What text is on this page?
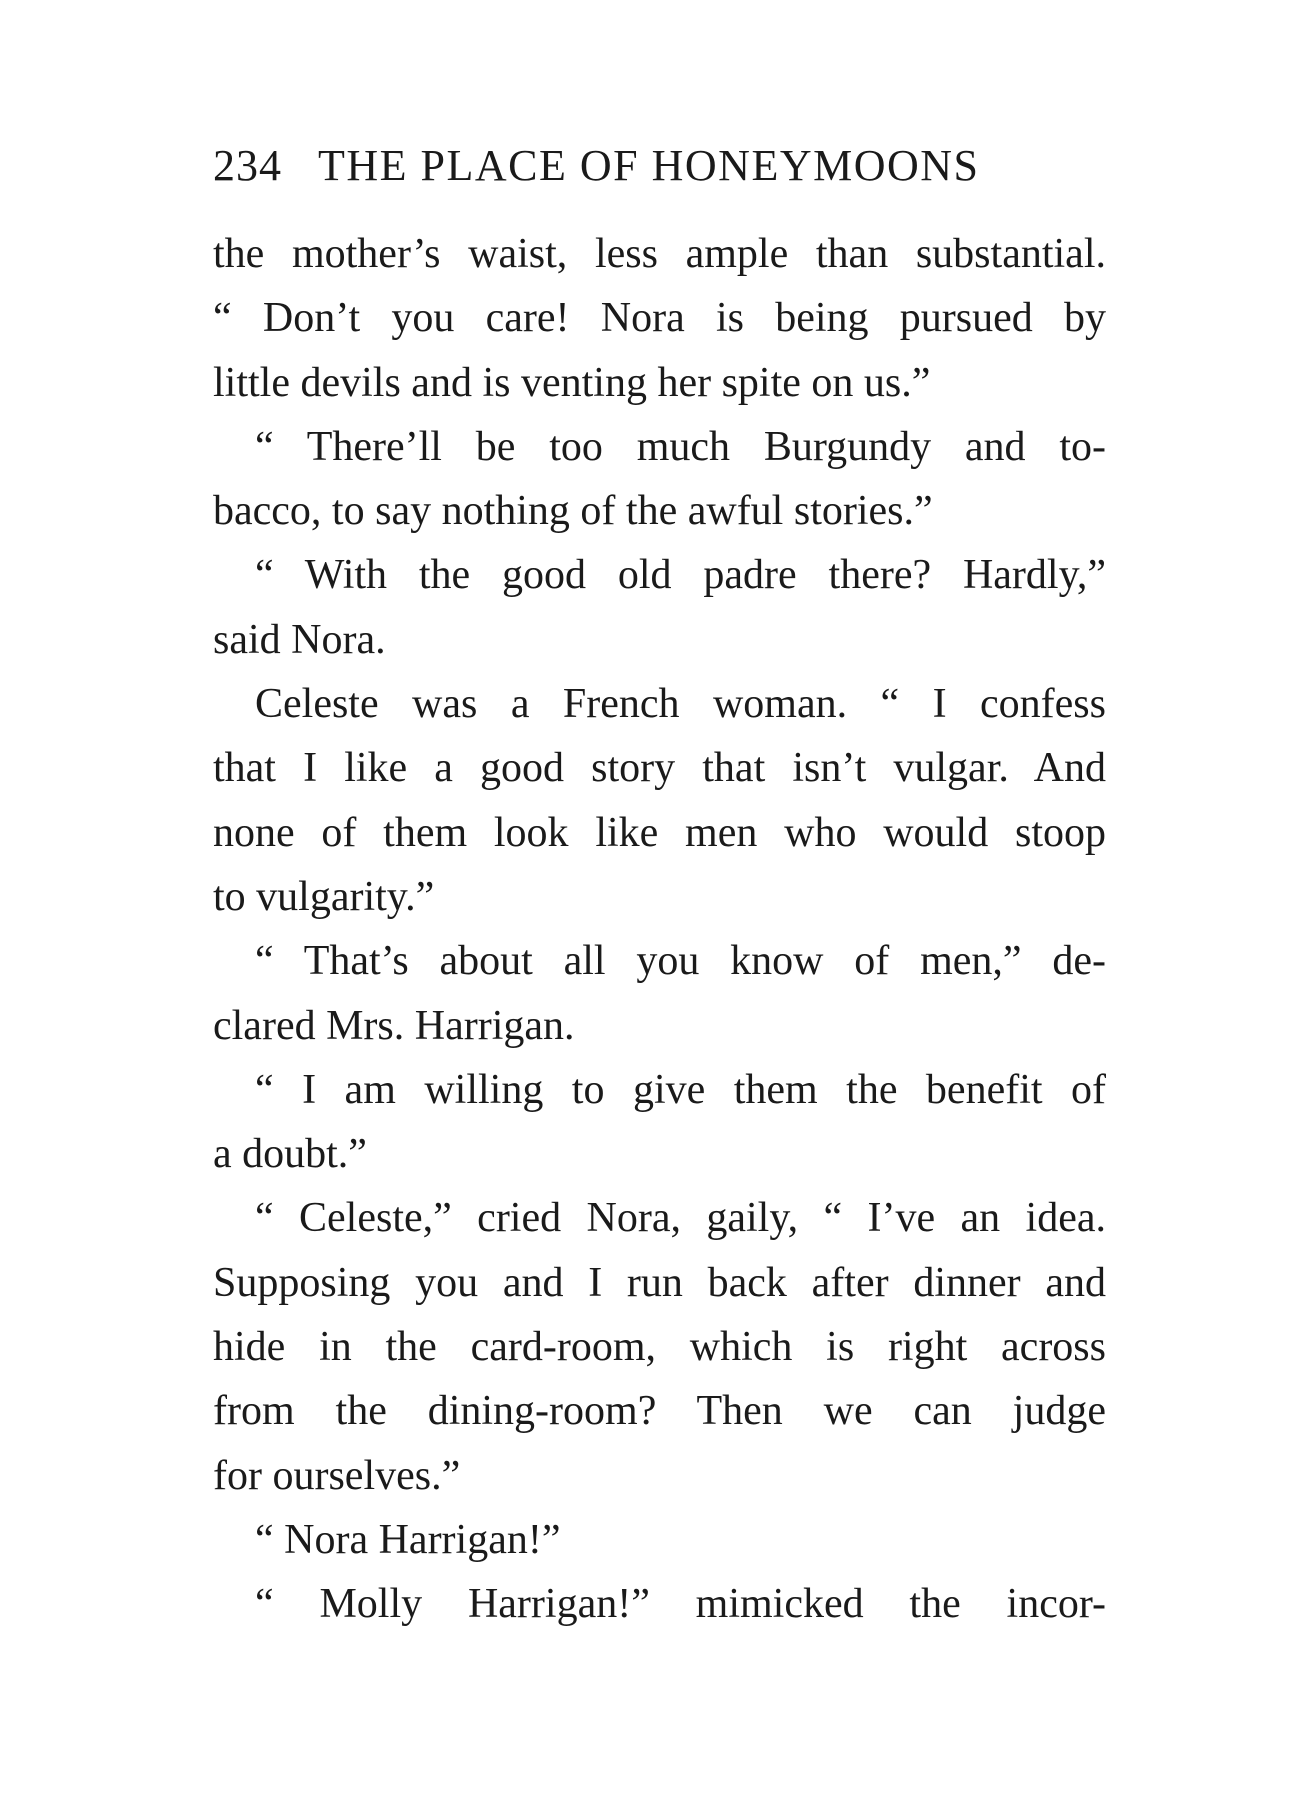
234 THE PLACE OF HONEYMOONS
the mother’s waist, less ample than substantial.
“ Don’t you care! Nora is being pursued by
little devils and is venting her spite on us.”
“ There’ll be too much Burgundy and to-
bacco, to say nothing of the awful stories.”
“ With the good old padre there? Hardly,”
said Nora.
Celeste was a French woman. “ I confess
that I like a good story that isn’t vulgar. And
none of them look like men who would stoop
to vulgarity.”
“ That’s about all you know of men,” de-
clared Mrs. Harrigan.
“ I am willing to give them the benefit of
a doubt.”
“ Celeste,” cried Nora, gaily, “ I’ve an idea.
Supposing you and I run back after dinner and
hide in the card-room, which is right across
from the dining-room? Then we can judge
for ourselves.”
“ Nora Harrigan!”
“ Molly Harrigan!” mimicked the incor-
